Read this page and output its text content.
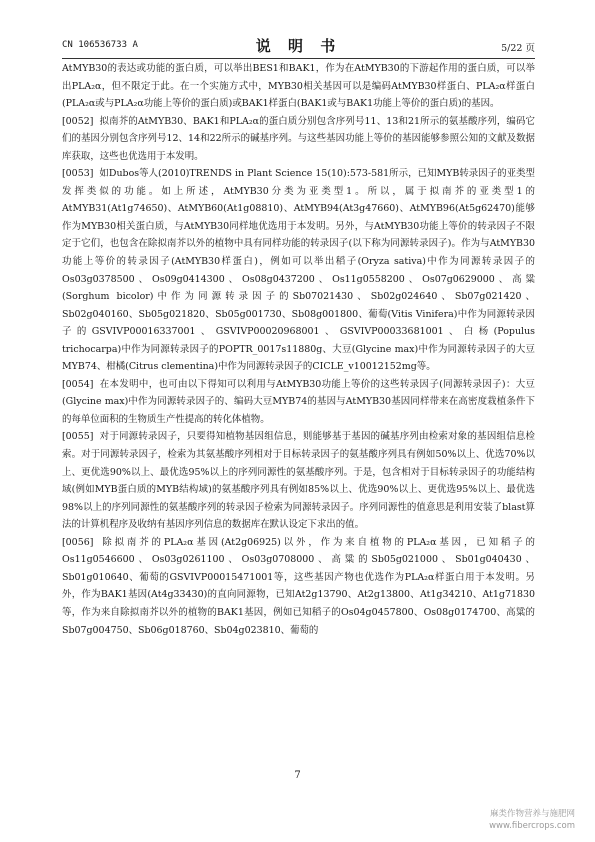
CN 106536733 A	说 明 书	5/22 页

AtMYB30的表达或功能的蛋白质，可以举出BES1和BAK1，作为在AtMYB30的下游起作用的蛋白质，可以举出PLA₂α，但不限定于此。在一个实施方式中，MYB30相关基因可以是编码AtMYB30样蛋白、PLA₂α样蛋白(PLA₂α或与PLA₂α功能上等价的蛋白质)或BAK1样蛋白(BAK1或与BAK1功能上等价的蛋白质)的基因。

[0052] 拟南芥的AtMYB30、BAK1和PLA₂α的蛋白质分别包含序列号11、13和21所示的氨基酸序列，编码它们的基因分别包含序列号12、14和22所示的碱基序列。与这些基因功能上等价的基因能够参照公知的文献及数据库获取，这些也优选用于本发明。

[0053] 如Dubos等人(2010)TRENDS in Plant Science 15(10):573-581所示，已知MYB转录因子的亚类型发挥类似的功能。如上所述，AtMYB30分类为亚类型1。所以，属于拟南芥的亚类型1的AtMYB31(At1g74650)、AtMYB60(At1g08810)、AtMYB94(At3g47660)、AtMYB96(At5g62470)能够作为MYB30相关蛋白质，与AtMYB30同样地优选用于本发明。另外，与AtMYB30功能上等价的转录因子不限定于它们，也包含在除拟南芥以外的植物中具有同样功能的转录因子(以下称为同源转录因子)。作为与AtMYB30功能上等价的转录因子(AtMYB30样蛋白)，例如可以举出稻子(Oryza sativa)中作为同源转录因子的Os03g0378500、Os09g0414300、Os08g0437200、Os11g0558200、Os07g0629000、高粱(Sorghum bicolor)中作为同源转录因子的Sb07021430、Sb02g024640、Sb07g021420、Sb02g040160、Sb05g021820、Sb05g001730、Sb08g001800、葡萄(Vitis Vinifera)中作为同源转录因子的GSVIVP00016337001、GSVIVP00020968001、GSVIVP00033681001、白杨(Populus trichocarpa)中作为同源转录因子的POPTR_0017s11880g、大豆(Glycine max)中作为同源转录因子的大豆MYB74、柑橘(Citrus clementina)中作为同源转录因子的CICLE_v10012152mg等。

[0054] 在本发明中，也可由以下得知可以利用与AtMYB30功能上等价的这些转录因子(同源转录因子)：大豆(Glycine max)中作为同源转录因子的、编码大豆MYB74的基因与AtMYB30基因同样带来在高密度栽植条件下的每单位面积的生物质生产性提高的转化体植物。

[0055] 对于同源转录因子，只要得知植物基因组信息，则能够基于基因的碱基序列由检索对象的基因组信息检索。对于同源转录因子，检索为其氨基酸序列相对于目标转录因子的氨基酸序列具有例如50%以上、优选70%以上、更优选90%以上、最优选95%以上的序列同源性的氨基酸序列。于是，包含相对于目标转录因子的功能结构域(例如MYB蛋白质的MYB结构域)的氨基酸序列具有例如85%以上、优选90%以上、更优选95%以上、最优选98%以上的序列同源性的氨基酸序列的转录因子检索为同源转录因子。序列同源性的值意思是利用安装了blast算法的计算机程序及收纳有基因序列信息的数据库在默认设定下求出的值。

[0056] 除拟南芥的PLA₂α基因(At2g06925)以外，作为来自植物的PLA₂α基因，已知稻子的Os11g0546600、Os03g0261100、Os03g0708000、高粱的Sb05g021000、Sb01g040430、Sb01g010640、葡萄的GSVIVP00015471001等，这些基因产物也优选作为PLA₂α样蛋白用于本发明。另外，作为BAK1基因(At4g33430)的直向同源物，已知At2g13790、At2g13800、At1g34210、At1g71830等，作为来自除拟南芥以外的植物的BAK1基因，例如已知稻子的Os04g0457800、Os08g0174700、高粱的Sb07g004750、Sb06g018760、Sb04g023810、葡萄的

7
麻类作物营养与施肥网
www.fibercrops.com
